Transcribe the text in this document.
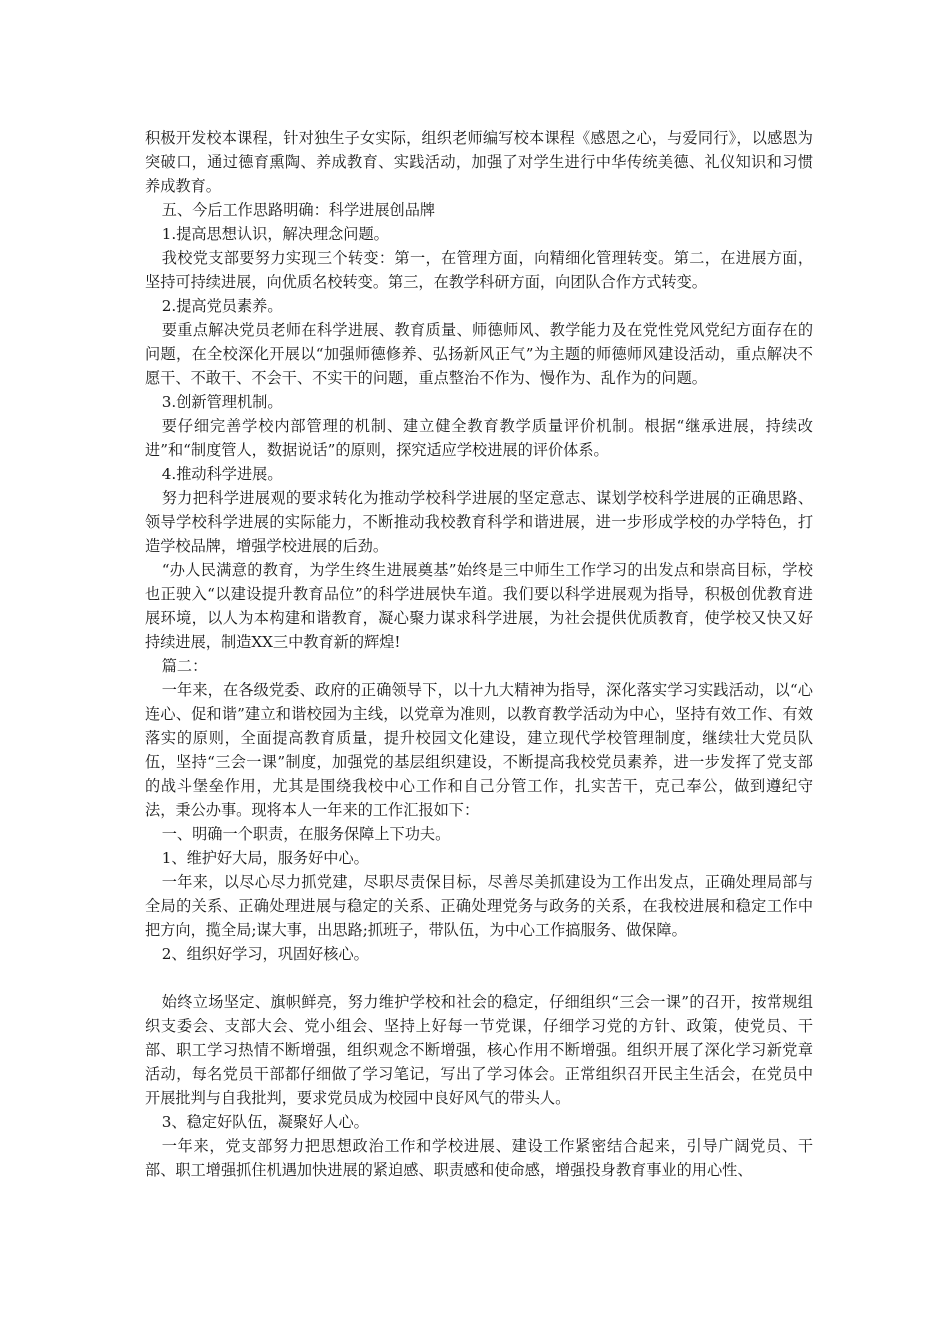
积极开发校本课程，针对独生子女实际，组织老师编写校本课程《感恩之心，与爱同行》，以感恩为突破口，通过德育熏陶、养成教育、实践活动，加强了对学生进行中华传统美德、礼仪知识和习惯养成教育。

五、今后工作思路明确：科学进展创品牌

1.提高思想认识，解决理念问题。

我校党支部要努力实现三个转变：第一，在管理方面，向精细化管理转变。第二，在进展方面，坚持可持续进展，向优质名校转变。第三，在教学科研方面，向团队合作方式转变。

2.提高党员素养。

要重点解决党员老师在科学进展、教育质量、师德师风、教学能力及在党性党风党纪方面存在的问题，在全校深化开展以“加强师德修养、弘扬新风正气”为主题的师德师风建设活动，重点解决不愿干、不敢干、不会干、不实干的问题，重点整治不作为、慢作为、乱作为的问题。

3.创新管理机制。

要仔细完善学校内部管理的机制、建立健全教育教学质量评价机制。根据“继承进展，持续改进”和“制度管人，数据说话”的原则，探究适应学校进展的评价体系。

4.推动科学进展。

努力把科学进展观的要求转化为推动学校科学进展的坚定意志、谋划学校科学进展的正确思路、领导学校科学进展的实际能力，不断推动我校教育科学和谐进展，进一步形成学校的办学特色，打造学校品牌，增强学校进展的后劲。

“办人民满意的教育，为学生终生进展奠基”始终是三中师生工作学习的出发点和崇高目标，学校也正驶入“以建设提升教育品位”的科学进展快车道。我们要以科学进展观为指导，积极创优教育进展环境，以人为本构建和谐教育，凝心聚力谋求科学进展，为社会提供优质教育，使学校又快又好持续进展，制造XX三中教育新的辉煌!

篇二：

一年来，在各级党委、政府的正确领导下，以十九大精神为指导，深化落实学习实践活动，以“心连心、促和谐”建立和谐校园为主线，以党章为准则，以教育教学活动为中心，坚持有效工作、有效落实的原则，全面提高教育质量，提升校园文化建设，建立现代学校管理制度，继续壮大党员队伍，坚持“三会一课”制度，加强党的基层组织建设，不断提高我校党员素养，进一步发挥了党支部的战斗堡垒作用，尤其是围绕我校中心工作和自己分管工作，扎实苦干，克己奉公，做到遵纪守法，秉公办事。现将本人一年来的工作汇报如下：

一、明确一个职责，在服务保障上下功夫。

1、维护好大局，服务好中心。

一年来，以尽心尽力抓党建，尽职尽责保目标，尽善尽美抓建设为工作出发点，正确处理局部与全局的关系、正确处理进展与稳定的关系、正确处理党务与政务的关系，在我校进展和稳定工作中把方向，揽全局;谋大事，出思路;抓班子，带队伍，为中心工作搞服务、做保障。

2、组织好学习，巩固好核心。

始终立场坚定、旗帜鲜亮，努力维护学校和社会的稳定，仔细组织“三会一课”的召开，按常规组织支委会、支部大会、党小组会、坚持上好每一节党课，仔细学习党的方针、政策，使党员、干部、职工学习热情不断增强，组织观念不断增强，核心作用不断增强。组织开展了深化学习新党章活动，每名党员干部都仔细做了学习笔记，写出了学习体会。正常组织召开民主生活会，在党员中开展批判与自我批判，要求党员成为校园中良好风气的带头人。

3、稳定好队伍，凝聚好人心。

一年来，党支部努力把思想政治工作和学校进展、建设工作紧密结合起来，引导广阔党员、干部、职工增强抓住机遇加快进展的紧迫感、职责感和使命感，增强投身教育事业的用心性、
